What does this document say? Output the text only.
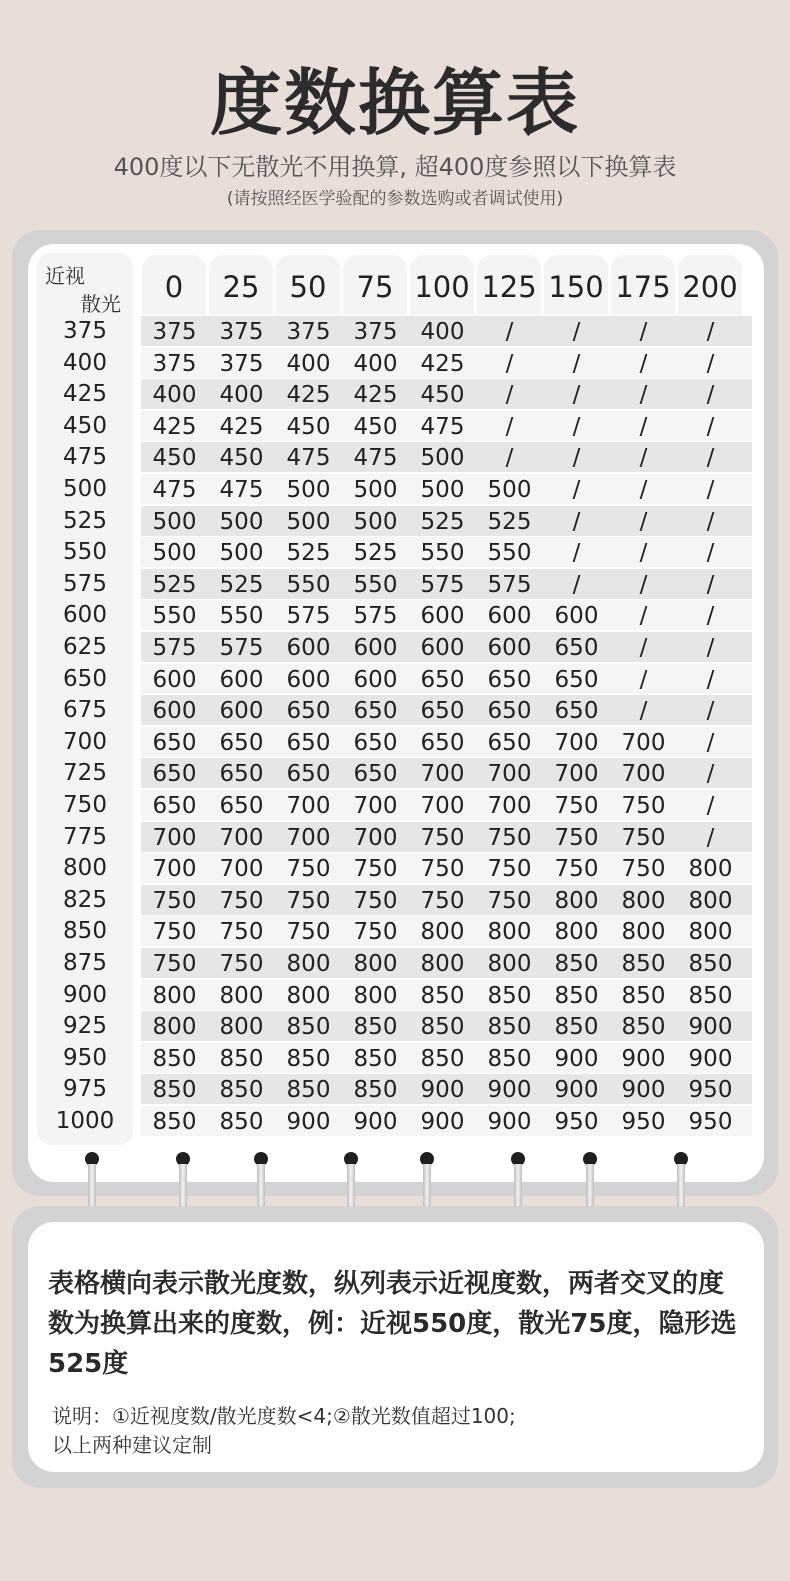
度数换算表
400度以下无散光不用换算, 超400度参照以下换算表
(请按照经医学验配的参数选购或者调试使用)
近视
散光	0	25	50	75 100 125 150 175 200
375	375	375	375	375	400	/	/	/	/
400	375	375	400	400	425	/	/	/	/
425	400	400	425	425	450	/	/	/	/
450	425	425	450	450	475	/	/	/	/
475	450	450	475	475	500	/	/	/	/
500	475	475	500	500	500	500	/	/	/
525	500	500	500	500	525	525	/	/	/
550	500	500	525	525	550	550	/	/	/
575	525	525	550	550	575	575	/	/	/
600	550	550	575	575	600	600	600	/	/
625	575	575	600	600	600	600	650	/	/
650	600	600	600	600	650	650	650	/	/
675	600	600	650	650	650	650	650	/	/
700	650	650	650	650	650	650	700	700	/
725	650	650	650	650	700	700	700	700	/
750	650	650	700	700	700	700	750	750	/
775	700	700	700	700	750	750	750	750	/
800	700	700	750	750	750	750	750	750	800
825	750	750	750	750	750	750	800	800	800
850	750	750	750	750	800	800	800	800	800
875	750	750	800	800	800	800	850	850	850
900	800	800	800	800	850	850	850	850	850
925	800	800	850	850	850	850	850	850	900
950	850	850	850	850	850	850	900	900	900
975	850	850	850	850	900	900	900	900	950
1000	850	850	900	900	900	900	950	950	950
表格横向表示散光度数，纵列表示近视度数，两者交叉的度数为换算出来的度数，例：近视550度，散光75度，隐形选525度
说明：①近视度数/散光度数<4;②散光数值超过100;
以上两种建议定制
